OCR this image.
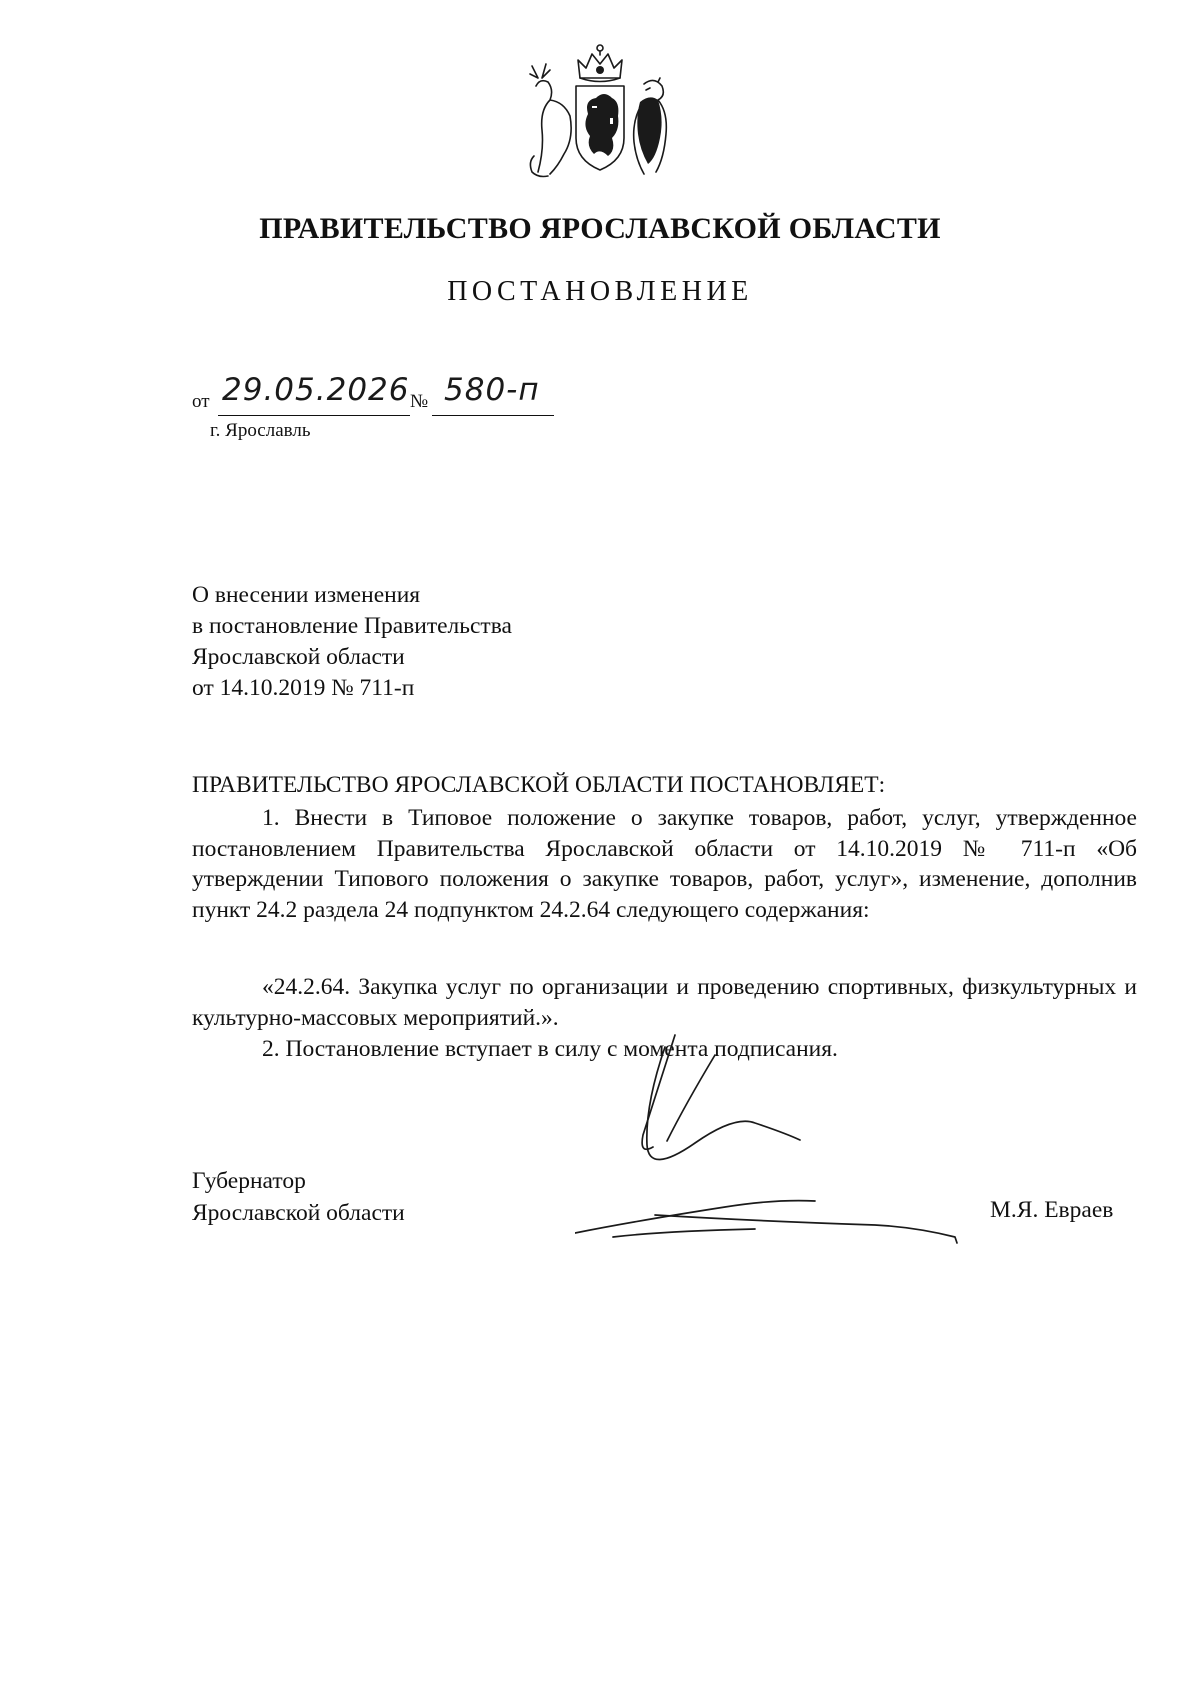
ПРАВИТЕЛЬСТВО ЯРОСЛАВСКОЙ ОБЛАСТИ
ПОСТАНОВЛЕНИЕ
от 29.05.2026 № 580-п
г. Ярославль
О внесении изменения
в постановление Правительства
Ярославской области
от 14.10.2019 № 711-п
ПРАВИТЕЛЬСТВО ЯРОСЛАВСКОЙ ОБЛАСТИ ПОСТАНОВЛЯЕТ:
1. Внести в Типовое положение о закупке товаров, работ, услуг, утвержденное постановлением Правительства Ярославской области от 14.10.2019 № 711-п «Об утверждении Типового положения о закупке товаров, работ, услуг», изменение, дополнив пункт 24.2 раздела 24 подпунктом 24.2.64 следующего содержания:
«24.2.64. Закупка услуг по организации и проведению спортивных, физкультурных и культурно-массовых мероприятий.».
2. Постановление вступает в силу с момента подписания.
Губернатор
Ярославской области	М.Я. Евраев
